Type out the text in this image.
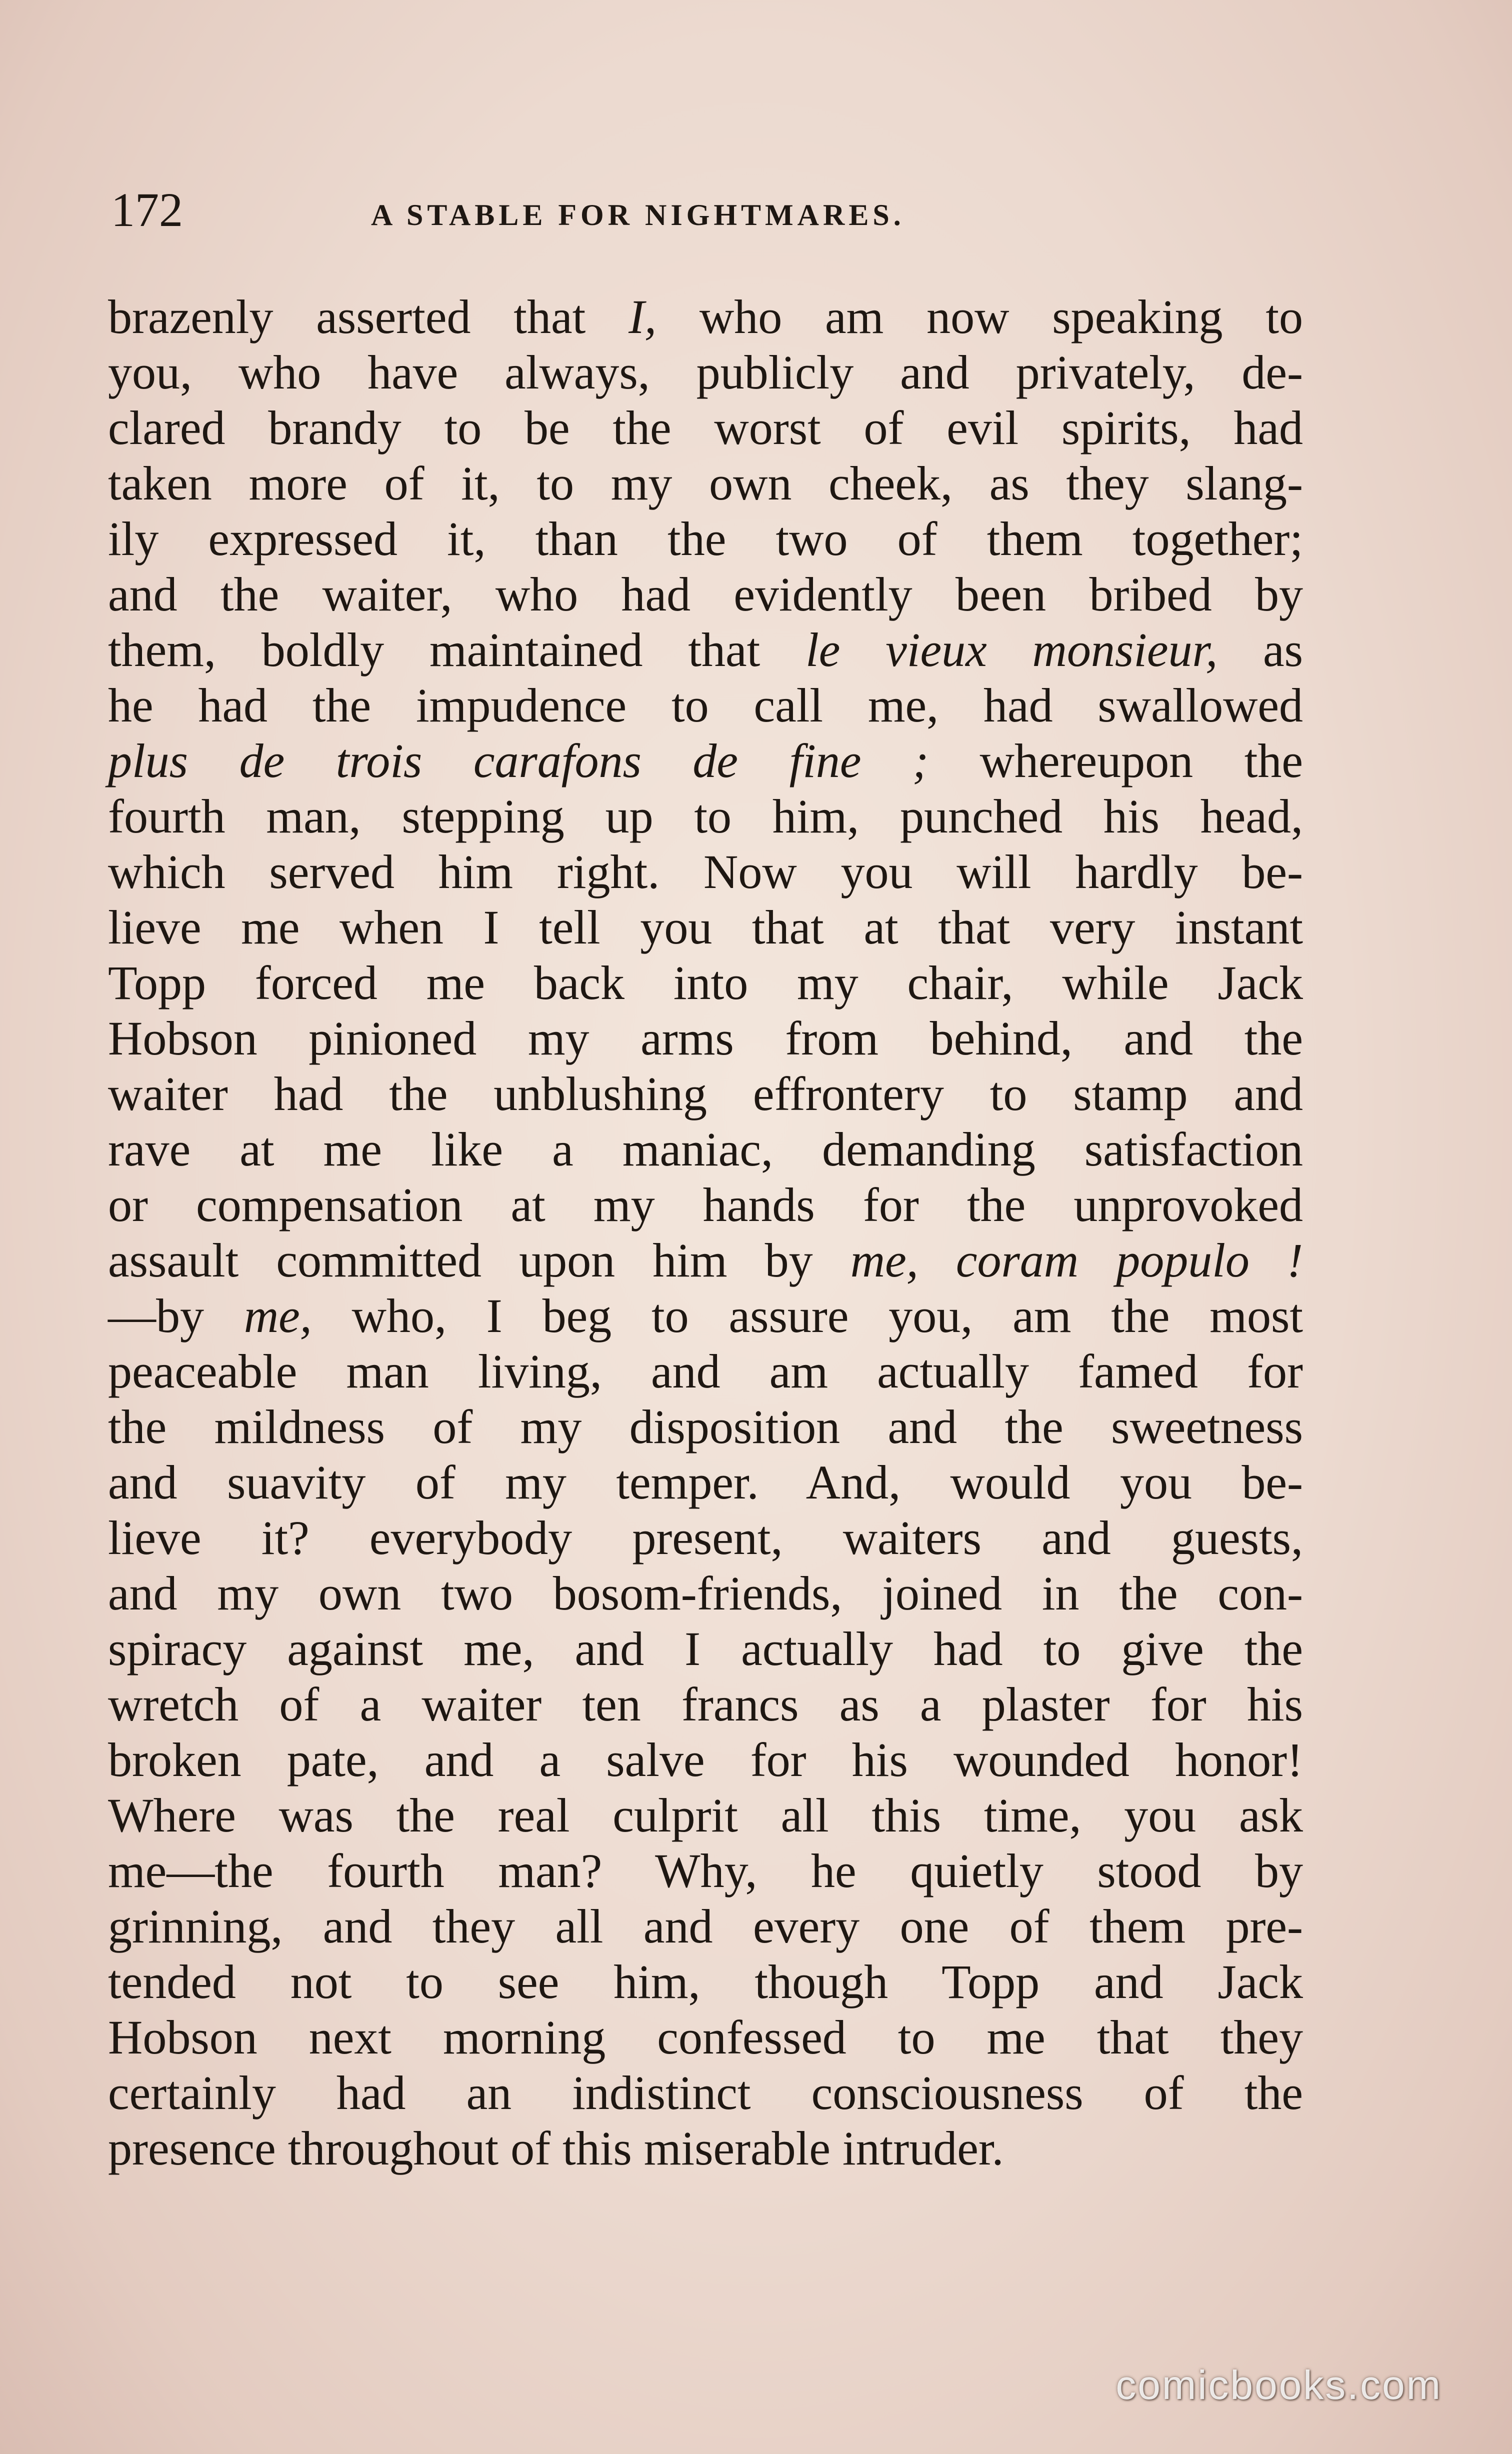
172	A STABLE FOR NIGHTMARES.
brazenly asserted that I, who am now speaking to
you, who have always, publicly and privately, de-
clared brandy to be the worst of evil spirits, had
taken more of it, to my own cheek, as they slang-
ily expressed it, than the two of them together;
and the waiter, who had evidently been bribed by
them, boldly maintained that le vieux monsieur, as
he had the impudence to call me, had swallowed
plus de trois carafons de fine ; whereupon the
fourth man, stepping up to him, punched his head,
which served him right. Now you will hardly be-
lieve me when I tell you that at that very instant
Topp forced me back into my chair, while Jack
Hobson pinioned my arms from behind, and the
waiter had the unblushing effrontery to stamp and
rave at me like a maniac, demanding satisfaction
or compensation at my hands for the unprovoked
assault committed upon him by me, coram populo !
—by me, who, I beg to assure you, am the most
peaceable man living, and am actually famed for
the mildness of my disposition and the sweetness
and suavity of my temper. And, would you be-
lieve it? everybody present, waiters and guests,
and my own two bosom-friends, joined in the con-
spiracy against me, and I actually had to give the
wretch of a waiter ten francs as a plaster for his
broken pate, and a salve for his wounded honor!
Where was the real culprit all this time, you ask
me—the fourth man? Why, he quietly stood by
grinning, and they all and every one of them pre-
tended not to see him, though Topp and Jack
Hobson next morning confessed to me that they
certainly had an indistinct consciousness of the
presence throughout of this miserable intruder.
comicbooks.com
